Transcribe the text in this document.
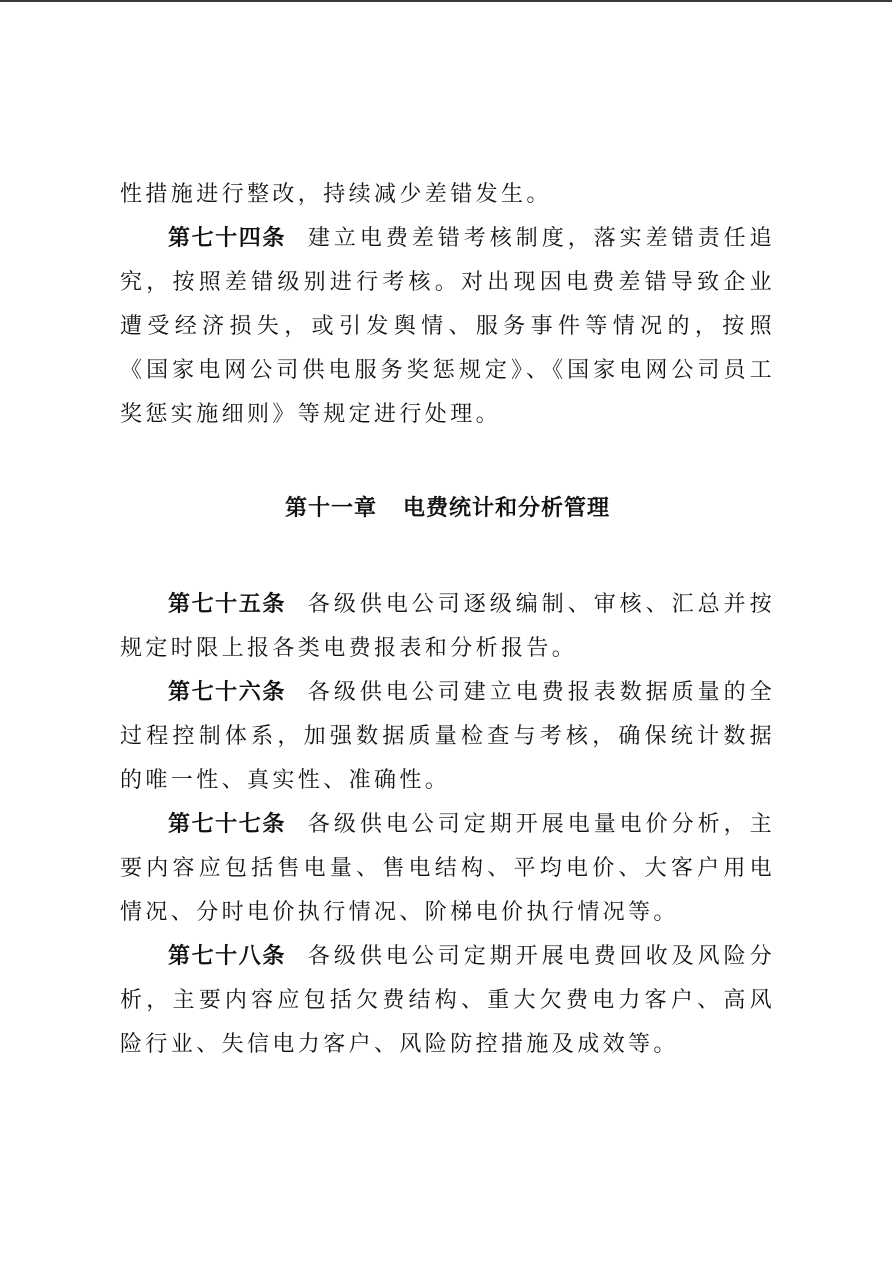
性措施进行整改，持续减少差错发生。

第七十四条 建立电费差错考核制度，落实差错责任追究，按照差错级别进行考核。对出现因电费差错导致企业遭受经济损失，或引发舆情、服务事件等情况的，按照《国家电网公司供电服务奖惩规定》、《国家电网公司员工奖惩实施细则》等规定进行处理。

第十一章 电费统计和分析管理

第七十五条 各级供电公司逐级编制、审核、汇总并按规定时限上报各类电费报表和分析报告。

第七十六条 各级供电公司建立电费报表数据质量的全过程控制体系，加强数据质量检查与考核，确保统计数据的唯一性、真实性、准确性。

第七十七条 各级供电公司定期开展电量电价分析，主要内容应包括售电量、售电结构、平均电价、大客户用电情况、分时电价执行情况、阶梯电价执行情况等。

第七十八条 各级供电公司定期开展电费回收及风险分析，主要内容应包括欠费结构、重大欠费电力客户、高风险行业、失信电力客户、风险防控措施及成效等。
